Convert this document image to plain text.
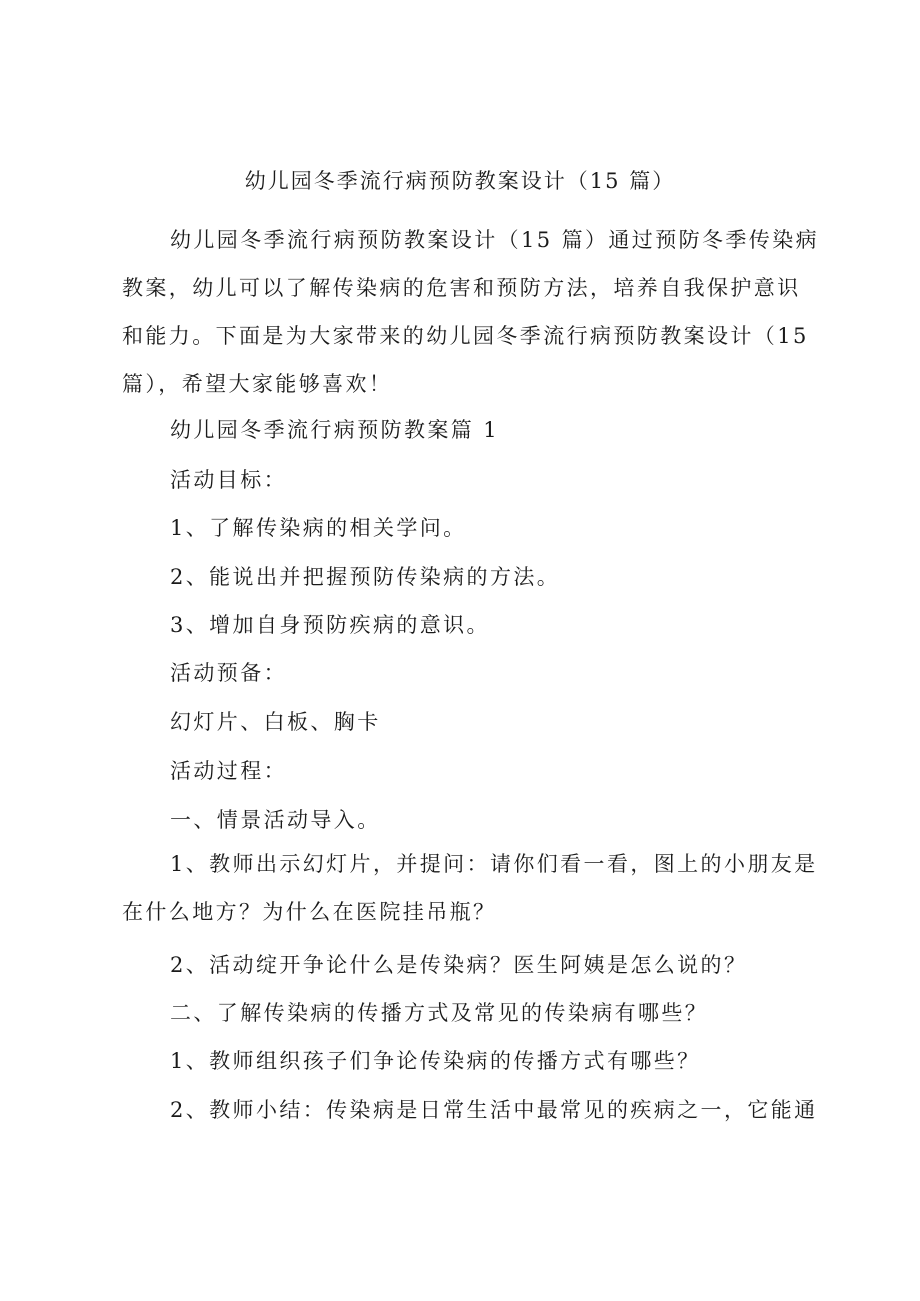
幼儿园冬季流行病预防教案设计（15 篇）

幼儿园冬季流行病预防教案设计（15 篇）通过预防冬季传染病教案，幼儿可以了解传染病的危害和预防方法，培养自我保护意识和能力。下面是为大家带来的幼儿园冬季流行病预防教案设计（15 篇），希望大家能够喜欢！

幼儿园冬季流行病预防教案篇 1

活动目标：

1、了解传染病的相关学问。

2、能说出并把握预防传染病的方法。

3、增加自身预防疾病的意识。

活动预备：

幻灯片、白板、胸卡

活动过程：

一、情景活动导入。

1、教师出示幻灯片，并提问：请你们看一看，图上的小朋友是在什么地方？为什么在医院挂吊瓶？

2、活动绽开争论什么是传染病？医生阿姨是怎么说的？

二、了解传染病的传播方式及常见的传染病有哪些？

1、教师组织孩子们争论传染病的传播方式有哪些？

2、教师小结：传染病是日常生活中最常见的疾病之一，它能通
